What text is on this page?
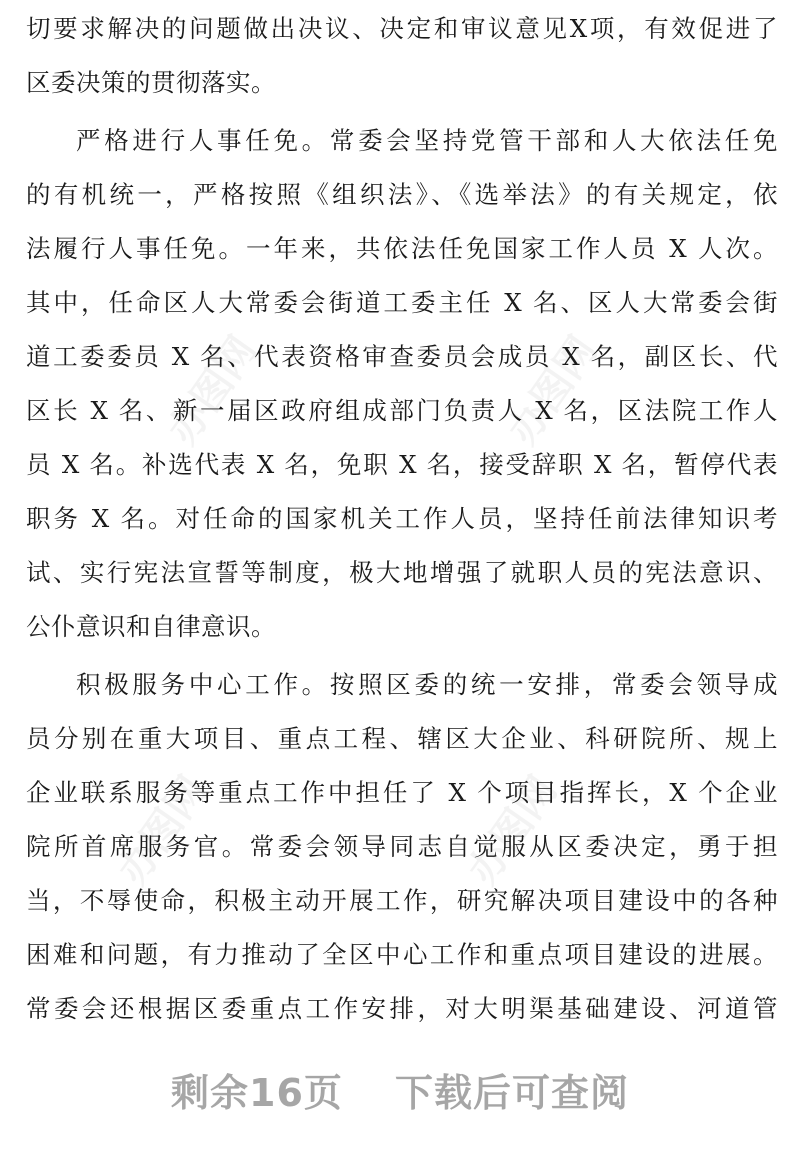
办图网	办图网
办图网	办图网
切要求解决的问题做出决议、决定和审议意见X项，有效促进了
区委决策的贯彻落实。
严格进行人事任免。常委会坚持党管干部和人大依法任免
的有机统一，严格按照《组织法》、《选举法》的有关规定，依
法履行人事任免。一年来，共依法任免国家工作人员 X 人次。
其中，任命区人大常委会街道工委主任 X 名、区人大常委会街
道工委委员 X 名、代表资格审查委员会成员 X 名，副区长、代
区长 X 名、新一届区政府组成部门负责人 X 名，区法院工作人
员 X 名。补选代表 X 名，免职 X 名，接受辞职 X 名，暂停代表
职务 X 名。对任命的国家机关工作人员，坚持任前法律知识考
试、实行宪法宣誓等制度，极大地增强了就职人员的宪法意识、
公仆意识和自律意识。
积极服务中心工作。按照区委的统一安排，常委会领导成
员分别在重大项目、重点工程、辖区大企业、科研院所、规上
企业联系服务等重点工作中担任了 X 个项目指挥长，X 个企业
院所首席服务官。常委会领导同志自觉服从区委决定，勇于担
当，不辱使命，积极主动开展工作，研究解决项目建设中的各种
困难和问题，有力推动了全区中心工作和重点项目建设的进展。
常委会还根据区委重点工作安排，对大明渠基础建设、河道管
剩余16页 下载后可查阅
